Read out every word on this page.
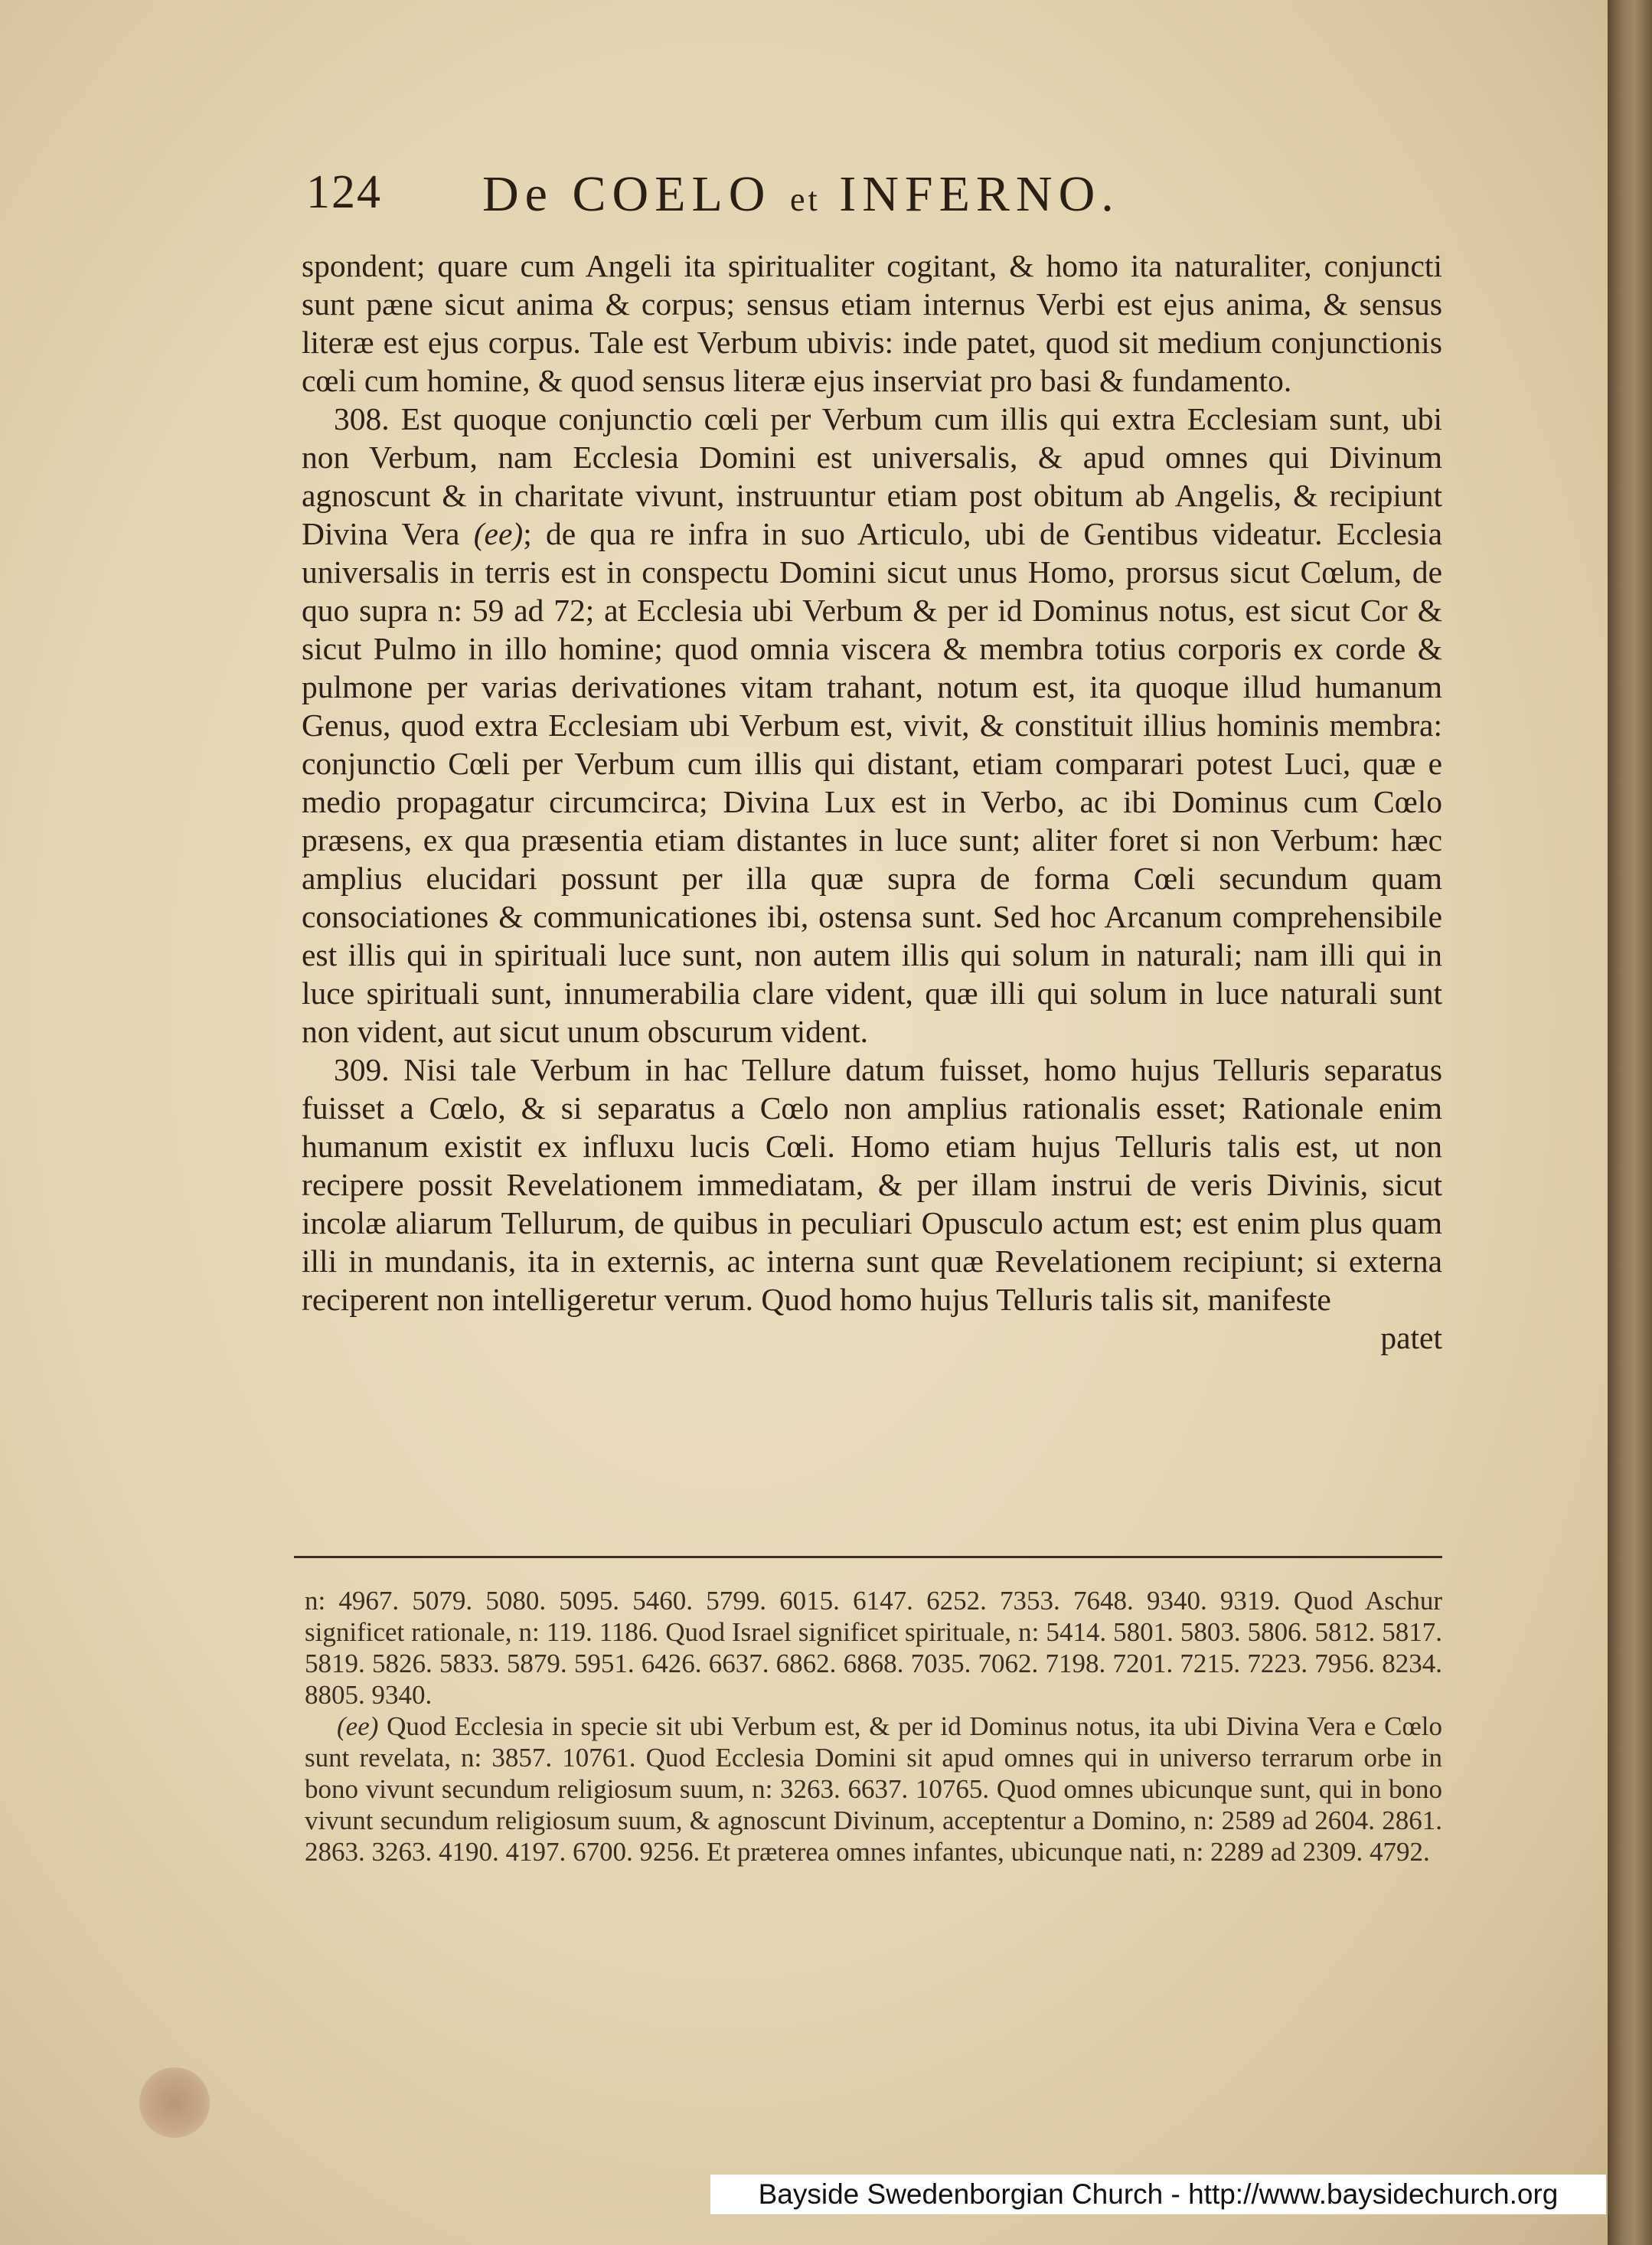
124 De COELO et INFERNO.

spondent; quare cum Angeli ita spiritualiter cogitant, & homo ita naturaliter, conjuncti sunt pæne sicut anima & corpus; sensus etiam internus Verbi est ejus anima, & sensus literæ est ejus corpus. Tale est Verbum ubivis: inde patet, quod sit medium conjunctionis cœli cum homine, & quod sensus literæ ejus inserviat pro basi & fundamento.

308. Est quoque conjunctio cœli per Verbum cum illis qui extra Ecclesiam sunt, ubi non Verbum, nam Ecclesia Domini est universalis, & apud omnes qui Divinum agnoscunt & in charitate vivunt, instruuntur etiam post obitum ab Angelis, & recipiunt Divina Vera (ee); de qua re infra in suo Articulo, ubi de Gentibus videatur. Ecclesia universalis in terris est in conspectu Domini sicut unus Homo, prorsus sicut Cœlum, de quo supra n: 59 ad 72; at Ecclesia ubi Verbum & per id Dominus notus, est sicut Cor & sicut Pulmo in illo homine; quod omnia viscera & membra totius corporis ex corde & pulmone per varias derivationes vitam trahant, notum est, ita quoque illud humanum Genus, quod extra Ecclesiam ubi Verbum est, vivit, & constituit illius hominis membra: conjunctio Cœli per Verbum cum illis qui distant, etiam comparari potest Luci, quæ e medio propagatur circumcirca; Divina Lux est in Verbo, ac ibi Dominus cum Cœlo præsens, ex qua præsentia etiam distantes in luce sunt; aliter foret si non Verbum: hæc amplius elucidari possunt per illa quæ supra de forma Cœli secundum quam consociationes & communicationes ibi, ostensa sunt. Sed hoc Arcanum comprehensibile est illis qui in spirituali luce sunt, non autem illis qui solum in naturali; nam illi qui in luce spirituali sunt, innumerabilia clare vident, quæ illi qui solum in luce naturali sunt non vident, aut sicut unum obscurum vident.

309. Nisi tale Verbum in hac Tellure datum fuisset, homo hujus Telluris separatus fuisset a Cœlo, & si separatus a Cœlo non amplius rationalis esset; Rationale enim humanum existit ex influxu lucis Cœli. Homo etiam hujus Telluris talis est, ut non recipere possit Revelationem immediatam, & per illam instrui de veris Divinis, sicut incolæ aliarum Tellurum, de quibus in peculiari Opusculo actum est; est enim plus quam illi in mundanis, ita in externis, ac interna sunt quæ Revelationem recipiunt; si externa reciperent non intelligeretur verum. Quod homo hujus Telluris talis sit, manifeste

patet

n: 4967. 5079. 5080. 5095. 5460. 5799. 6015. 6147. 6252. 7353. 7648. 9340. 9319. Quod Aschur significet rationale, n: 119. 1186. Quod Israel significet spirituale, n: 5414. 5801. 5803. 5806. 5812. 5817. 5819. 5826. 5833. 5879. 5951. 6426. 6637. 6862. 6868. 7035. 7062. 7198. 7201. 7215. 7223. 7956. 8234. 8805. 9340.

(ee) Quod Ecclesia in specie sit ubi Verbum est, & per id Dominus notus, ita ubi Divina Vera e Cœlo sunt revelata, n: 3857. 10761. Quod Ecclesia Domini sit apud omnes qui in universo terrarum orbe in bono vivunt secundum religiosum suum, n: 3263. 6637. 10765. Quod omnes ubicunque sunt, qui in bono vivunt secundum religiosum suum, & agnoscunt Divinum, acceptentur a Domino, n: 2589 ad 2604. 2861. 2863. 3263. 4190. 4197. 6700. 9256. Et præterea omnes infantes, ubicunque nati, n: 2289 ad 2309. 4792.

Bayside Swedenborgian Church - http://www.baysidechurch.org
